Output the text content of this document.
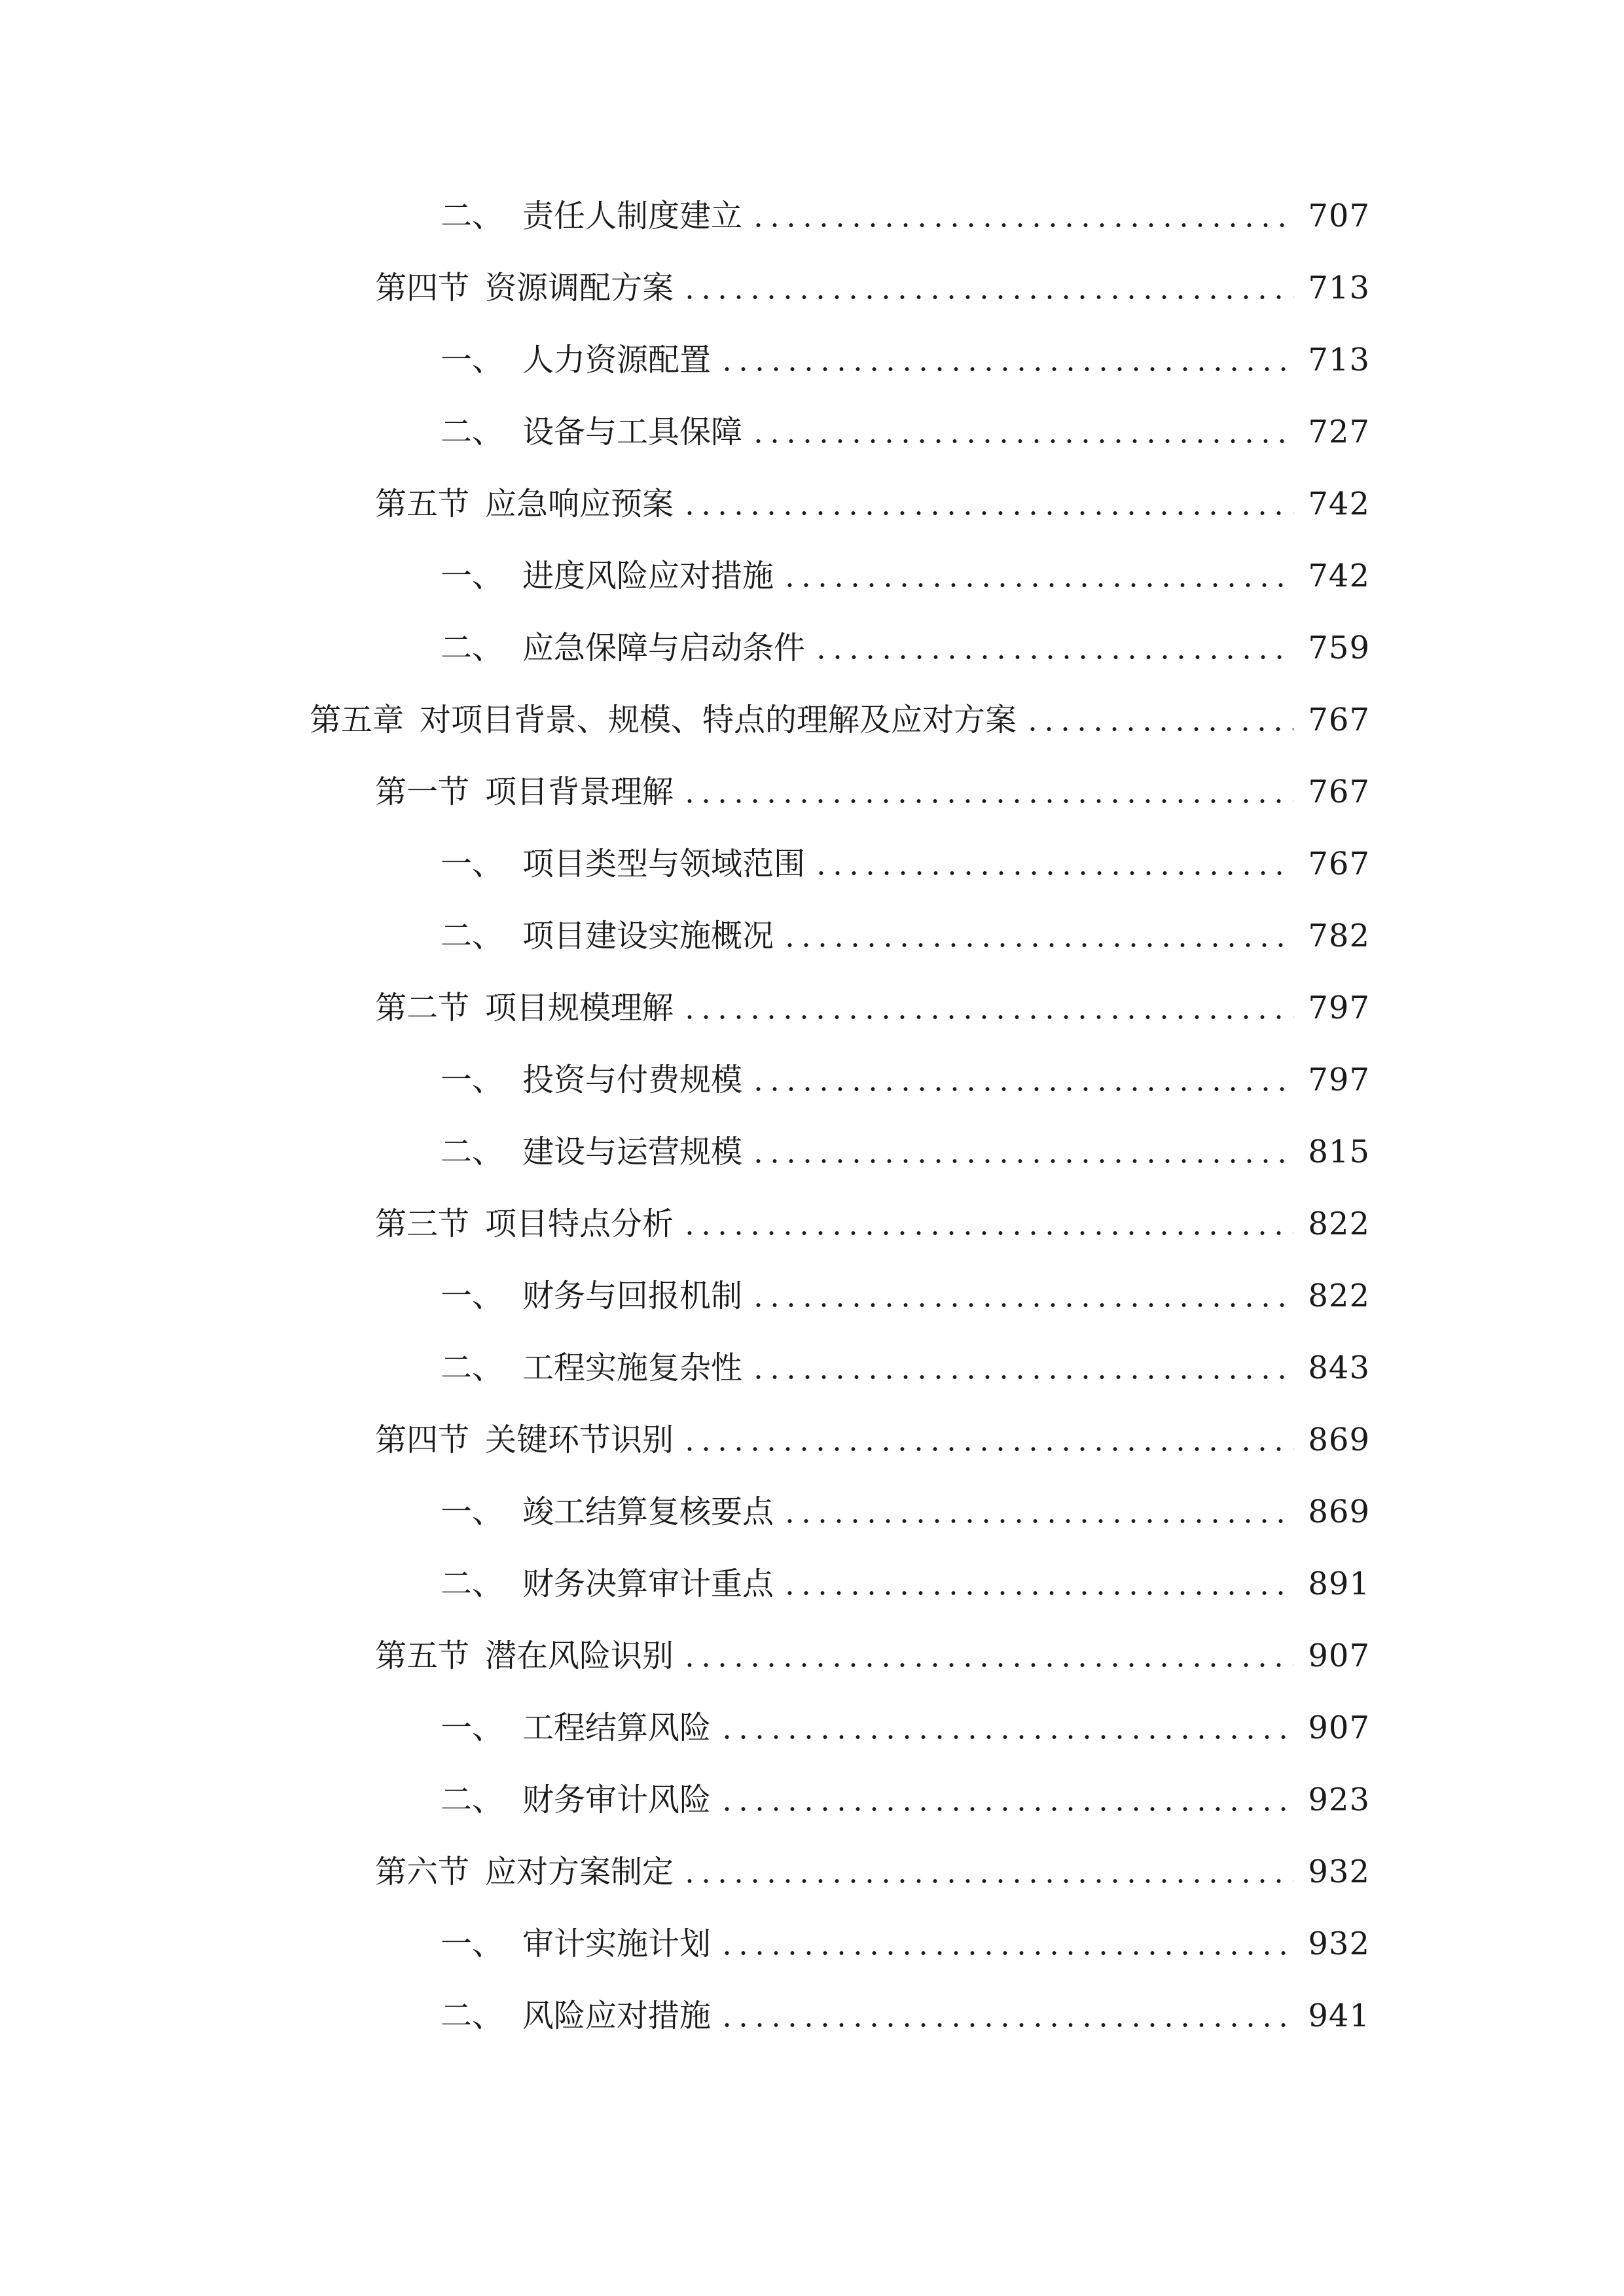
二、 责任人制度建立	707
第四节 资源调配方案	713
一、 人力资源配置	713
二、 设备与工具保障	727
第五节 应急响应预案	742
一、 进度风险应对措施	742
二、 应急保障与启动条件	759
第五章 对项目背景、规模、特点的理解及应对方案	767
第一节 项目背景理解	767
一、 项目类型与领域范围	767
二、 项目建设实施概况	782
第二节 项目规模理解	797
一、 投资与付费规模	797
二、 建设与运营规模	815
第三节 项目特点分析	822
一、 财务与回报机制	822
二、 工程实施复杂性	843
第四节 关键环节识别	869
一、 竣工结算复核要点	869
二、 财务决算审计重点	891
第五节 潜在风险识别	907
一、 工程结算风险	907
二、 财务审计风险	923
第六节 应对方案制定	932
一、 审计实施计划	932
二、 风险应对措施	941
